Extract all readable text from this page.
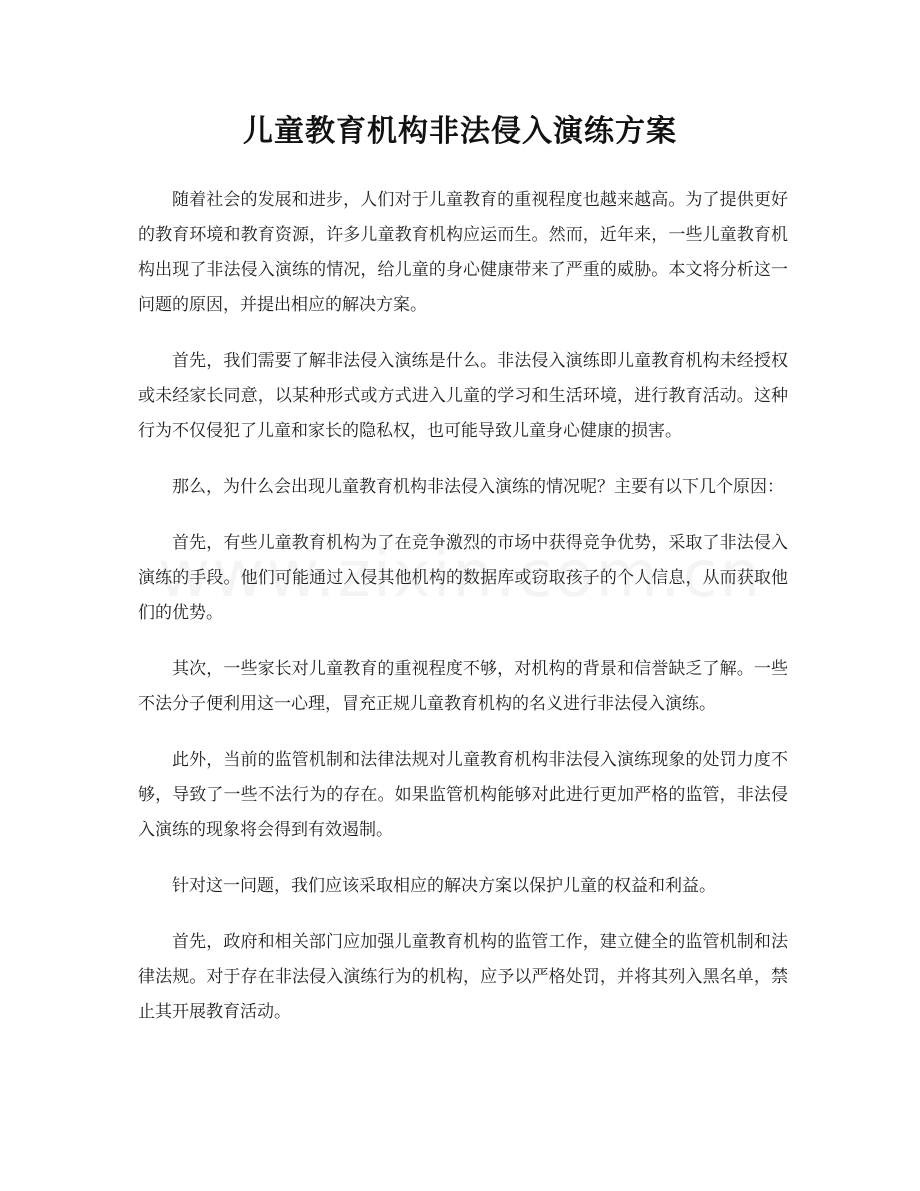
儿童教育机构非法侵入演练方案

随着社会的发展和进步，人们对于儿童教育的重视程度也越来越高。为了提供更好的教育环境和教育资源，许多儿童教育机构应运而生。然而，近年来，一些儿童教育机构出现了非法侵入演练的情况，给儿童的身心健康带来了严重的威胁。本文将分析这一问题的原因，并提出相应的解决方案。

首先，我们需要了解非法侵入演练是什么。非法侵入演练即儿童教育机构未经授权或未经家长同意，以某种形式或方式进入儿童的学习和生活环境，进行教育活动。这种行为不仅侵犯了儿童和家长的隐私权，也可能导致儿童身心健康的损害。

那么，为什么会出现儿童教育机构非法侵入演练的情况呢？主要有以下几个原因：

首先，有些儿童教育机构为了在竞争激烈的市场中获得竞争优势，采取了非法侵入演练的手段。他们可能通过入侵其他机构的数据库或窃取孩子的个人信息，从而获取他们的优势。

其次，一些家长对儿童教育的重视程度不够，对机构的背景和信誉缺乏了解。一些不法分子便利用这一心理，冒充正规儿童教育机构的名义进行非法侵入演练。

此外，当前的监管机制和法律法规对儿童教育机构非法侵入演练现象的处罚力度不够，导致了一些不法行为的存在。如果监管机构能够对此进行更加严格的监管，非法侵入演练的现象将会得到有效遏制。

针对这一问题，我们应该采取相应的解决方案以保护儿童的权益和利益。

首先，政府和相关部门应加强儿童教育机构的监管工作，建立健全的监管机制和法律法规。对于存在非法侵入演练行为的机构，应予以严格处罚，并将其列入黑名单，禁止其开展教育活动。
